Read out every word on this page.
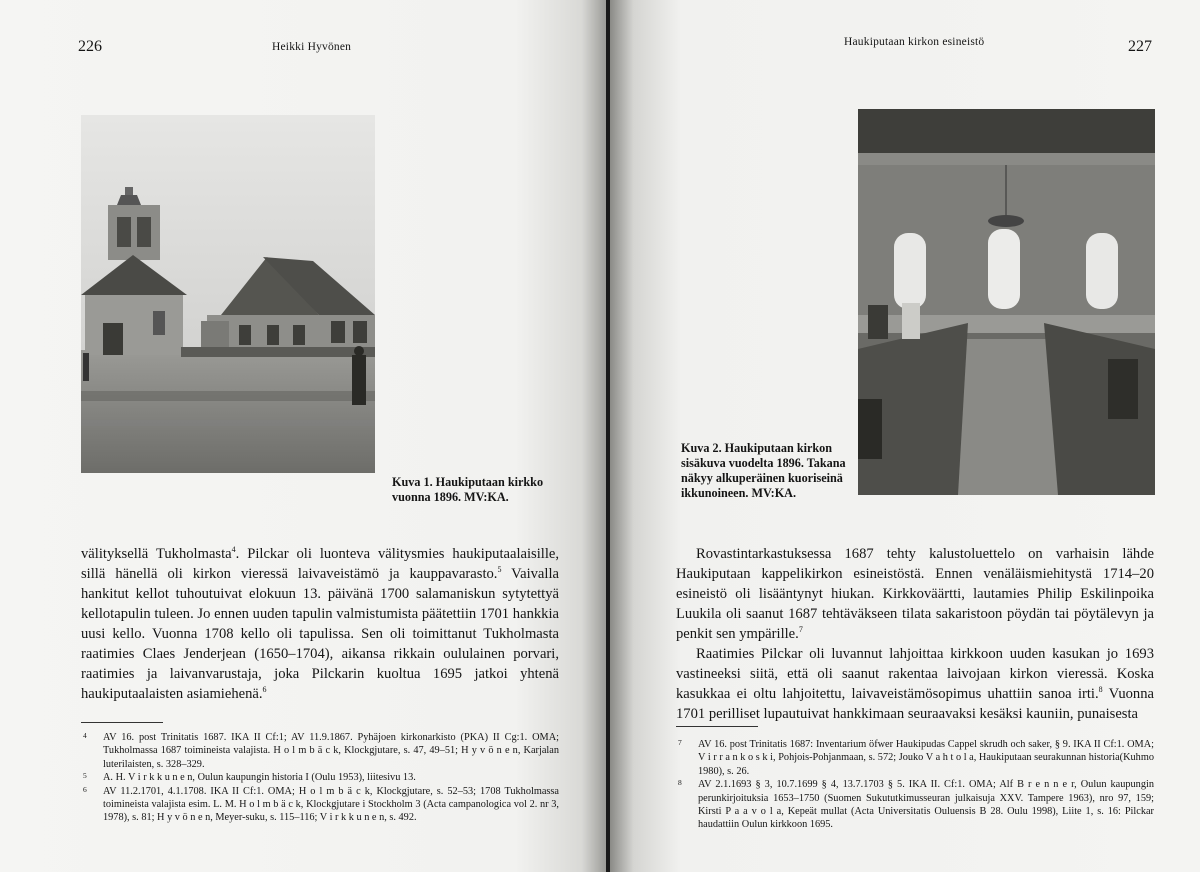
226	Heikki Hyvönen
Kuva 1. Haukiputaan kirkko vuonna 1896. MV:KA.

välityksellä Tukholmasta$^4$. Pilckar oli luonteva välitysmies haukiputaalaisille, sillä hänellä oli kirkon vieressä laivaveistämö ja kauppavarasto.$^5$ Vaivalla hankitut kellot tuhoutuivat elokuun 13. päivänä 1700 salamaniskun sytytettyä kellotapulin tuleen. Jo ennen uuden tapulin valmistumista päätettiin 1701 hankkia uusi kello. Vuonna 1708 kello oli tapulissa. Sen oli toimittanut Tukholmasta raatimies Claes Jenderjean (1650–1704), aikansa rikkain oululainen porvari, raatimies ja laivanvarustaja, joka Pilckarin kuoltua 1695 jatkoi yhtenä haukiputaalaisten asiamiehenä.$^6$

4 AV 16. post Trinitatis 1687. IKA II Cf:1; AV 11.9.1867. Pyhäjoen kirkonarkisto (PKA) II Cg:1. OMA; Tukholmassa 1687 toimineista valajista. H o l m b ä c k, Klockgjutare, s. 47, 49–51; H y v ö n e n, Karjalan luterilaisten, s. 328–329.

5 A. H. V i r k k u n e n, Oulun kaupungin historia I (Oulu 1953), liitesivu 13.

6 AV 11.2.1701, 4.1.1708. IKA II Cf:1. OMA; H o l m b ä c k, Klockgjutare, s. 52–53; 1708 Tukholmassa toimineista valajista esim. L. M. H o l m b ä c k, Klockgjutare i Stockholm 3 (Acta campanologica vol 2. nr 3, 1978), s. 81; H y v ö n e n, Meyer-suku, s. 115–116; V i r k k u n e n, s. 492.

Haukiputaan kirkon esineistö	227
Kuva 2. Haukiputaan kirkon sisäkuva vuodelta 1896. Takana näkyy alkuperäinen kuoriseinä ikkunoineen. MV:KA.

Rovastintarkastuksessa 1687 tehty kalustoluettelo on varhaisin lähde Haukiputaan kappelikirkon esineistöstä. Ennen venäläismiehitystä 1714–20 esineistö oli lisääntynyt hiukan. Kirkkoväärtti, lautamies Philip Eskilinpoika Luukila oli saanut 1687 tehtäväkseen tilata sakaristoon pöydän tai pöytälevyn ja penkit sen ympärille.$^7$

Raatimies Pilckar oli luvannut lahjoittaa kirkkoon uuden kasukan jo 1693 vastineeksi siitä, että oli saanut rakentaa laivojaan kirkon vieressä. Koska kasukkaa ei oltu lahjoitettu, laivaveistämösopimus uhattiin sanoa irti.$^8$ Vuonna 1701 perilliset lupautuivat hankkimaan seuraavaksi kesäksi kauniin, punaisesta

7 AV 16. post Trinitatis 1687: Inventarium öfwer Haukipudas Cappel skrudh och saker, § 9. IKA II Cf:1. OMA; V i r r a n k o s k i, Pohjois-Pohjanmaan, s. 572; Jouko V a h t o l a, Haukiputaan seurakunnan historia(Kuhmo 1980), s. 26.

8 AV 2.1.1693 § 3, 10.7.1699 § 4, 13.7.1703 § 5. IKA II. Cf:1. OMA; Alf B r e n n e r, Oulun kaupungin perunkirjoituksia 1653–1750 (Suomen Sukututkimusseuran julkaisuja XXV. Tampere 1963), nro 97, 159; Kirsti P a a v o l a, Kepeät mullat (Acta Universitatis Ouluensis B 28. Oulu 1998), Liite 1, s. 16: Pilckar haudattiin Oulun kirkkoon 1695.
